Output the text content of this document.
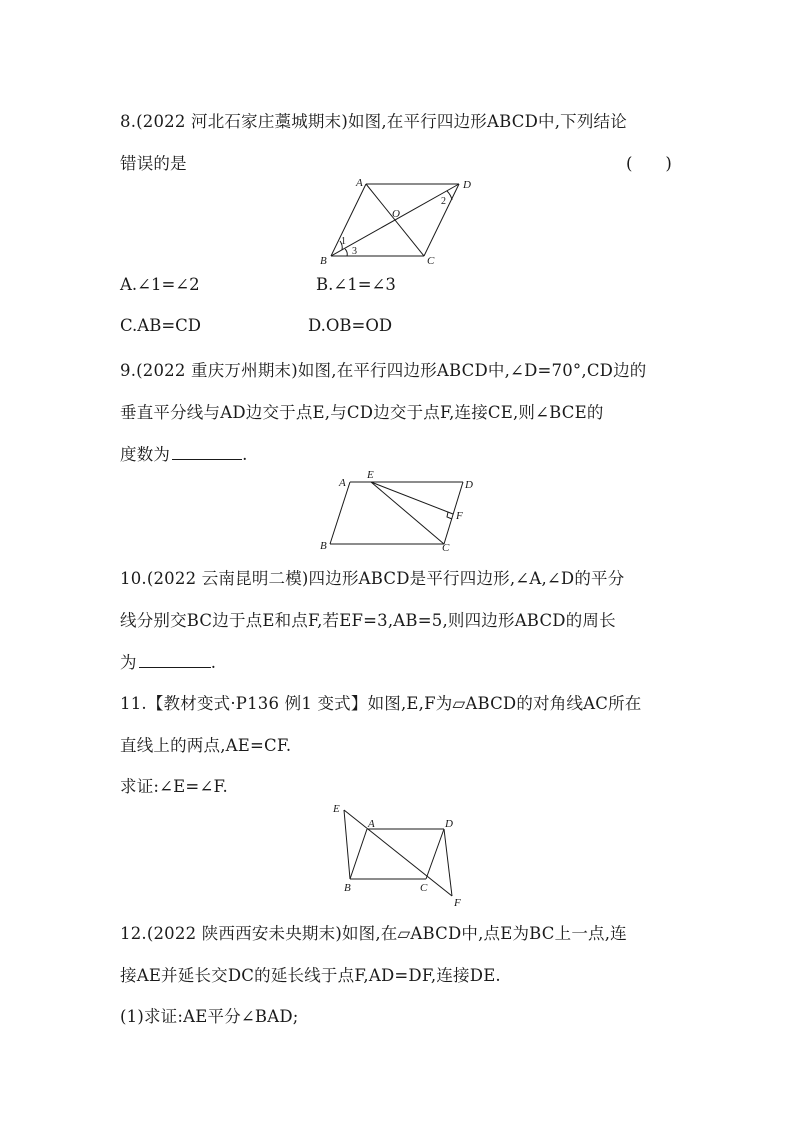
8.(2022 河北石家庄藁城期末)如图,在平行四边形ABCD中,下列结论
错误的是	(　　)
A	D
B	C
O
1
2
3
A.∠1=∠2	B.∠1=∠3
C.AB=CD	D.OB=OD
9.(2022 重庆万州期末)如图,在平行四边形ABCD中,∠D=70°,CD边的
垂直平分线与AD边交于点E,与CD边交于点F,连接CE,则∠BCE的
度数为	.
A
E
D
F
B	C
10.(2022 云南昆明二模)四边形ABCD是平行四边形,∠A,∠D的平分
线分别交BC边于点E和点F,若EF=3,AB=5,则四边形ABCD的周长
为	.
11.【教材变式·P136 例1 变式】如图,E,F为▱ABCD的对角线AC所在
直线上的两点,AE=CF.
求证:∠E=∠F.
E
A	D
B	C
F
12.(2022 陕西西安未央期末)如图,在▱ABCD中,点E为BC上一点,连
接AE并延长交DC的延长线于点F,AD=DF,连接DE.
(1)求证:AE平分∠BAD;
